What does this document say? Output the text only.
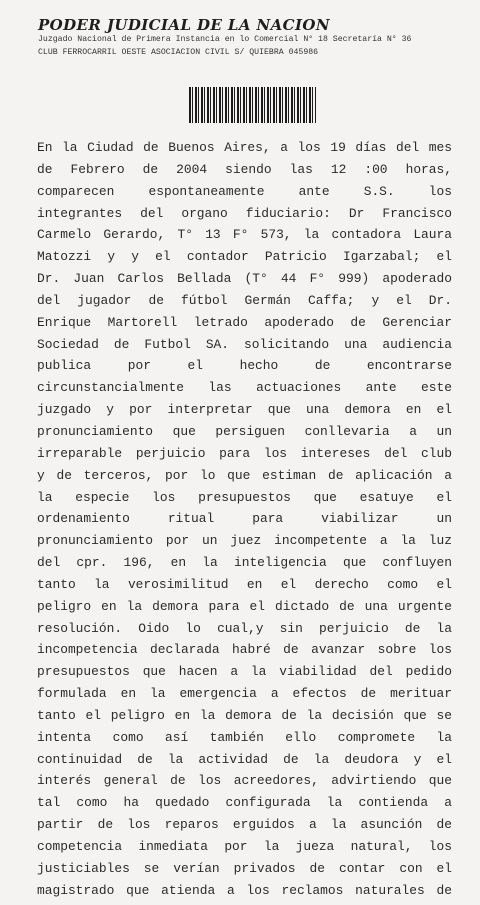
PODER JUDICIAL DE LA NACION
Juzgado Nacional de Primera Instancia en lo Comercial N° 18 Secretaría N° 36
CLUB FERROCARRIL OESTE ASOCIACION CIVIL S/ QUIEBRA 045986
En la Ciudad de Buenos Aires, a los 19 días del mes
de Febrero de 2004 siendo las 12 :00 horas,
comparecen espontaneamente ante S.S. los
integrantes del organo fiduciario: Dr Francisco
Carmelo Gerardo, T° 13 F° 573, la contadora Laura
Matozzi y y el contador Patricio Igarzabal; el
Dr. Juan Carlos Bellada (T° 44 F° 999) apoderado
del jugador de fútbol Germán Caffa; y el Dr.
Enrique Martorell letrado apoderado de Gerenciar
Sociedad de Futbol SA. solicitando una audiencia
publica por el hecho de encontrarse
circunstancialmente las actuaciones ante este
juzgado y por interpretar que una demora en el
pronunciamiento que persiguen conllevaria a un
irreparable perjuicio para los intereses del club
y de terceros, por lo que estiman de aplicación a
la especie los presupuestos que esatuye el
ordenamiento ritual para viabilizar un
pronunciamiento por un juez incompetente a la luz
del cpr. 196, en la inteligencia que confluyen
tanto la verosimilitud en el derecho como el
peligro en la demora para el dictado de una urgente
resolución. Oido lo cual,y sin perjuicio de la
incompetencia declarada habré de avanzar sobre los
presupuestos que hacen a la viabilidad del pedido
formulada en la emergencia a efectos de merituar
tanto el peligro en la demora de la decisión que se
intenta como así también ello compromete la
continuidad de la actividad de la deudora y el
interés general de los acreedores, advirtiendo que
tal como ha quedado configurada la contienda a
partir de los reparos erguidos a la asunción de
competencia inmediata por la jueza natural, los
justiciables se verían privados de contar con el
magistrado que atienda a los reclamos naturales de
